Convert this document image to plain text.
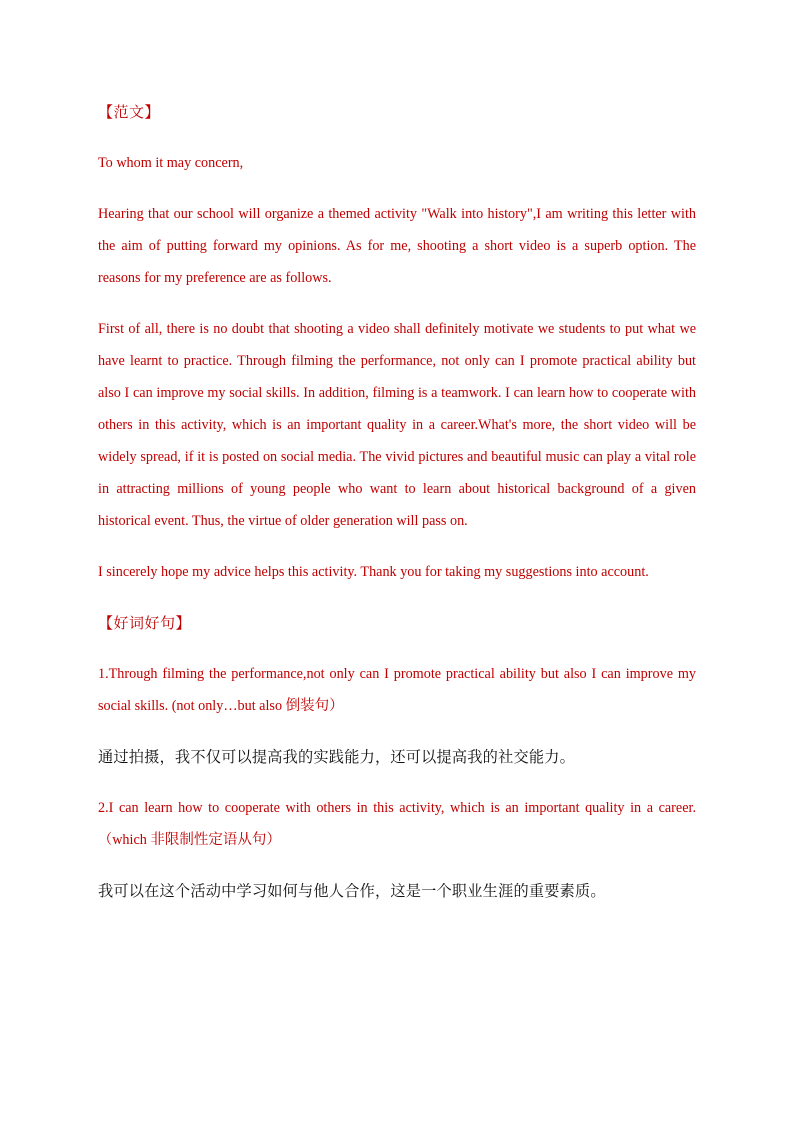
【范文】
To whom it may concern,
Hearing that our school will organize a themed activity "Walk into history",I am writing this letter with the aim of putting forward my opinions. As for me, shooting a short video is a superb option. The reasons for my preference are as follows.
First of all, there is no doubt that shooting a video shall definitely motivate we students to put what we have learnt to practice. Through filming the performance, not only can I promote practical ability but also I can improve my social skills. In addition, filming is a teamwork. I can learn how to cooperate with others in this activity, which is an important quality in a career.What's more, the short video will be widely spread, if it is posted on social media. The vivid pictures and beautiful music can play a vital role in attracting millions of young people who want to learn about historical background of a given historical event. Thus, the virtue of older generation will pass on.
I sincerely hope my advice helps this activity. Thank you for taking my suggestions into account.
【好词好句】
1.Through filming the performance,not only can I promote practical ability but also I can improve my social skills. (not only…but also 倒装句）
通过拍摄，我不仅可以提高我的实践能力，还可以提高我的社交能力。
2.I can learn how to cooperate with others in this activity, which is an important quality in a career. （which 非限制性定语从句）
我可以在这个活动中学习如何与他人合作，这是一个职业生涯的重要素质。
